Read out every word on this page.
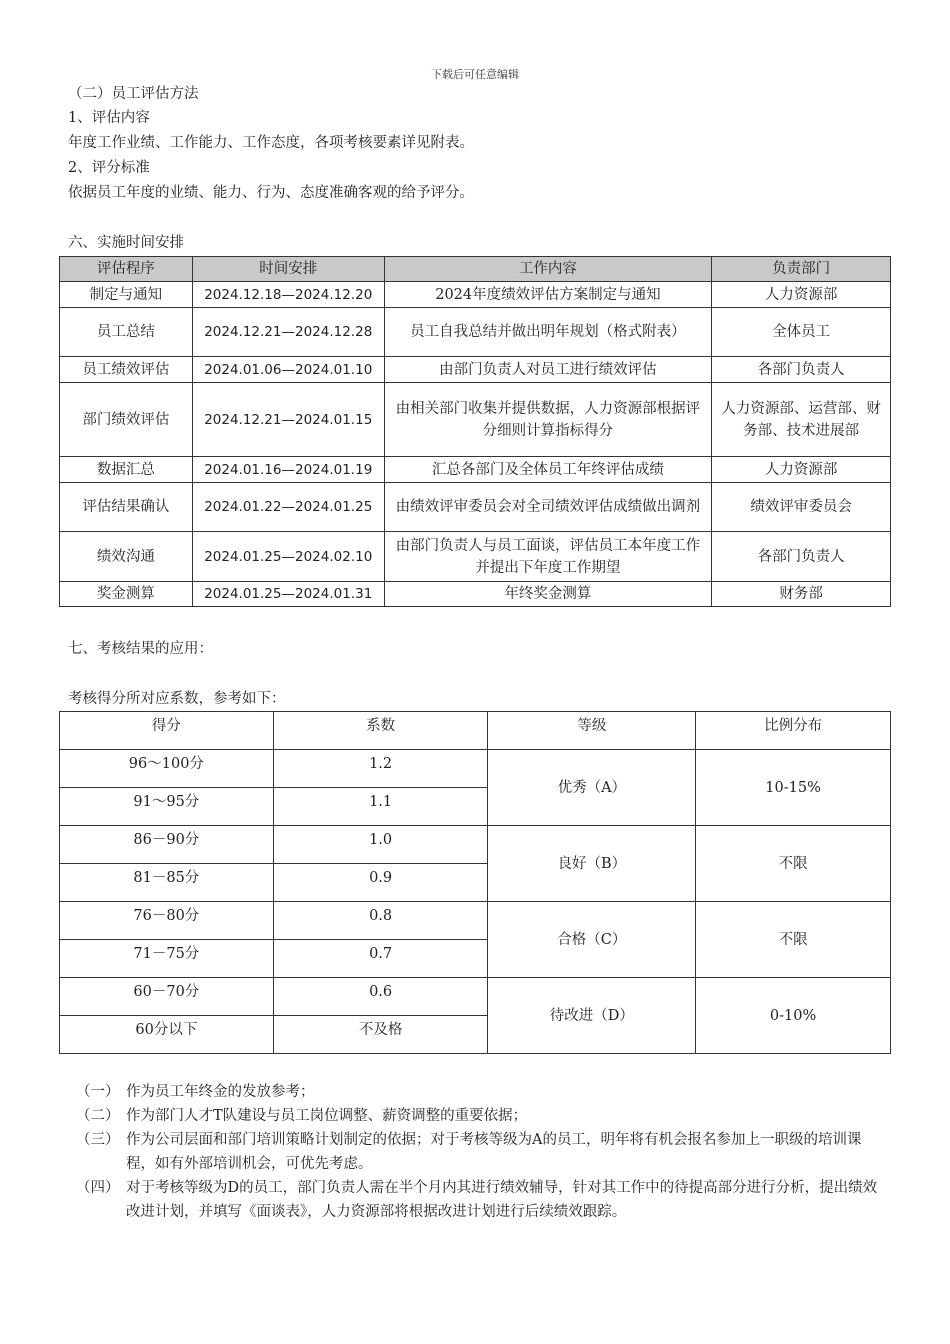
下载后可任意编辑
（二）员工评估方法
1、评估内容
年度工作业绩、工作能力、工作态度，各项考核要素详见附表。
2、评分标准
依据员工年度的业绩、能力、行为、态度准确客观的给予评分。
六、实施时间安排
评估程序	时间安排	工作内容	负责部门
制定与通知	2024.12.18—2024.12.20	2024年度绩效评估方案制定与通知	人力资源部
员工总结	2024.12.21—2024.12.28	员工自我总结并做出明年规划（格式附表）	全体员工
员工绩效评估	2024.01.06—2024.01.10	由部门负责人对员工进行绩效评估	各部门负责人
部门绩效评估	2024.12.21—2024.01.15	由相关部门收集并提供数据，人力资源部根据评分细则计算指标得分	人力资源部、运营部、财务部、技术进展部
数据汇总	2024.01.16—2024.01.19	汇总各部门及全体员工年终评估成绩	人力资源部
评估结果确认	2024.01.22—2024.01.25	由绩效评审委员会对全司绩效评估成绩做出调剂	绩效评审委员会
绩效沟通	2024.01.25—2024.02.10	由部门负责人与员工面谈，评估员工本年度工作并提出下年度工作期望	各部门负责人
奖金测算	2024.01.25—2024.01.31	年终奖金测算	财务部
七、考核结果的应用：
考核得分所对应系数，参考如下：
得分	系数	等级	比例分布
96～100分	1.2	优秀（A）	10-15%
91～95分	1.1		
86－90分	1.0	良好（B）	不限
81－85分	0.9		
76－80分	0.8	合格（C）	不限
71－75分	0.7		
60－70分	0.6	待改进（D）	0-10%
60分以下	不及格		
（一） 作为员工年终金的发放参考；
（二） 作为部门人才T队建设与员工岗位调整、薪资调整的重要依据；
（三） 作为公司层面和部门培训策略计划制定的依据；对于考核等级为A的员工，明年将有机会报名参加上一职级的培训课程，如有外部培训机会，可优先考虑。
（四） 对于考核等级为D的员工，部门负责人需在半个月内其进行绩效辅导，针对其工作中的待提高部分进行分析，提出绩效改进计划，并填写《面谈表》，人力资源部将根据改进计划进行后续绩效跟踪。
